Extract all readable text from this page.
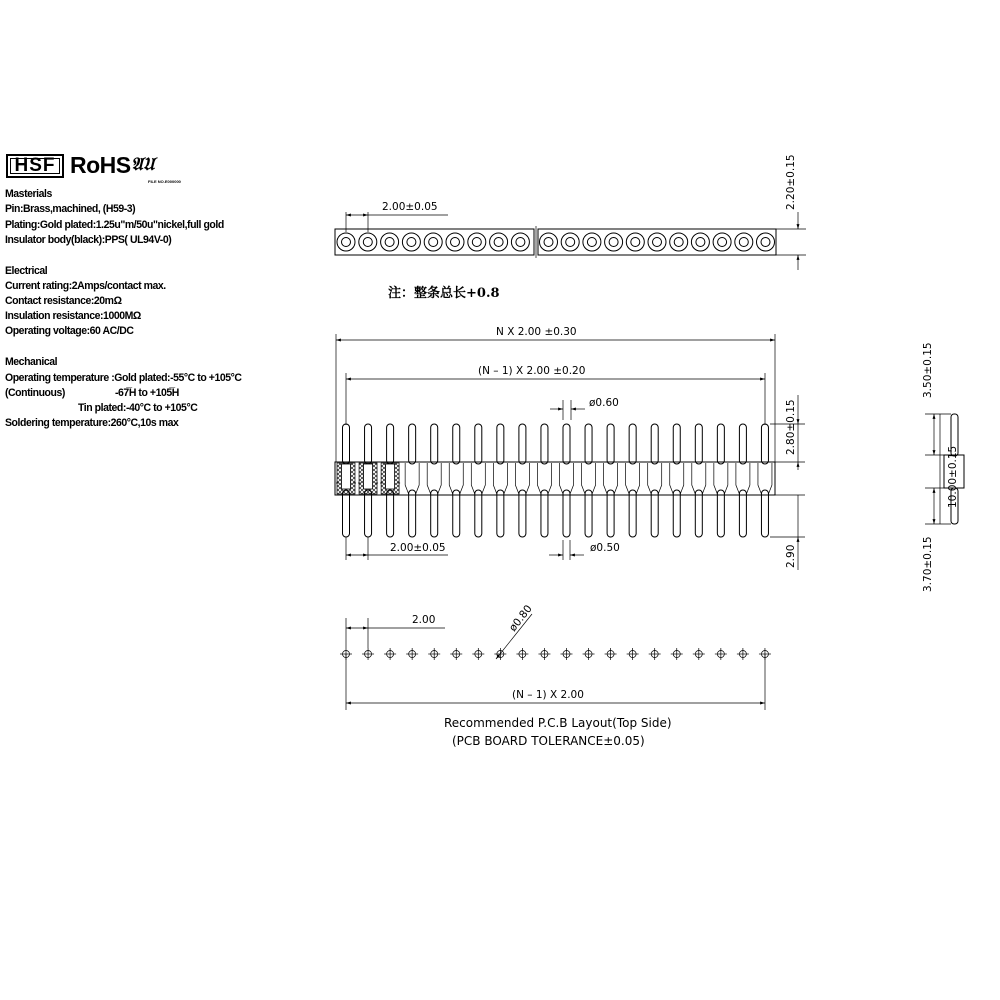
HSF RoHS 𝔄𝔘
FILE NO.E000000
Masterials
Pin:Brass,machined, (H59-3)
Plating:Gold plated:1.25u"m/50u"nickel,full gold
Insulator body(black):PPS( UL94V-0)
Electrical
Current rating:2Amps/contact max.
Contact resistance:20mΩ
Insulation resistance:1000MΩ
Operating voltage:60 AC/DC
Mechanical
Operating temperature :Gold plated:-55°C to +105°C
(Continuous)	-67̅H to +105̅H
Tin plated:-40°C to +105°C
Soldering temperature:260°C,10s max
2.00±0.05	2.20±0.15
注：整条总长+0.8
N X 2.00 ±0.30
(N – 1) X 2.00 ±0.20
ø0.60	2.80±0.15
2.90
2.00±0.05	ø0.50
3.50±0.15
10.00±0.15
3.70±0.15
2.00	ø0.80
(N – 1) X 2.00
Recommended P.C.B Layout(Top Side)
(PCB BOARD TOLERANCE±0.05)
